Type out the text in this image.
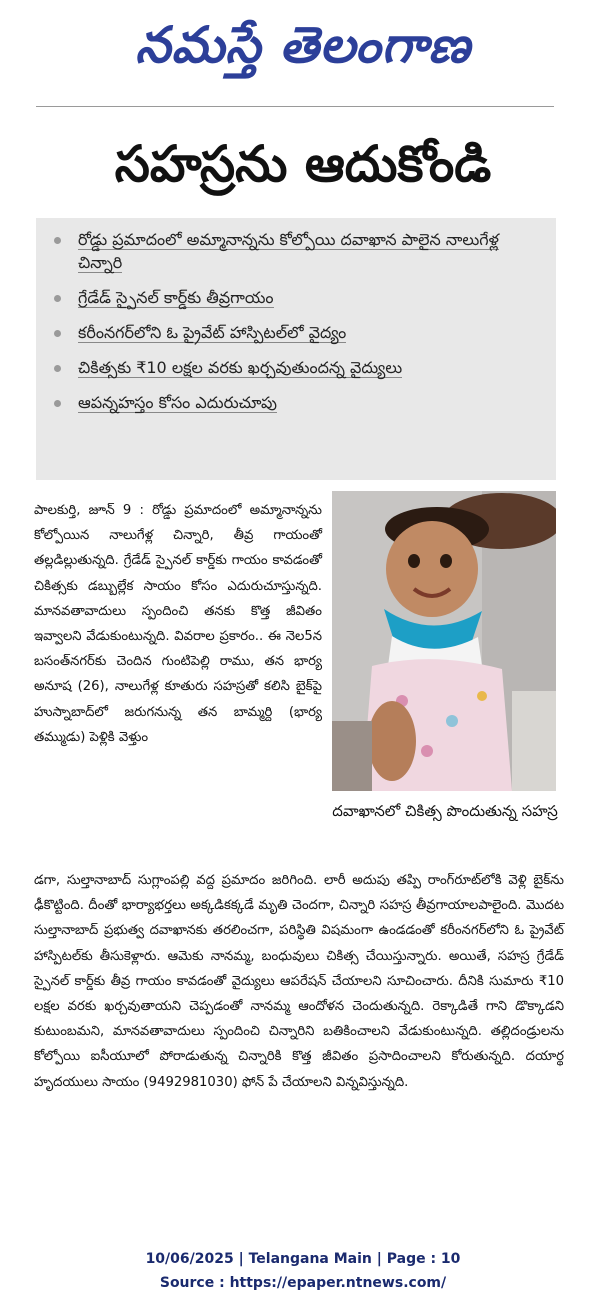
నమస్తే తెలంగాణ
సహస్రను ఆదుకోండి
రోడ్డు ప్రమాదంలో అమ్మానాన్నను కోల్పోయి దవాఖాన పాలైన నాలుగేళ్ల చిన్నారి
గ్రేడేడ్ స్పైనల్ కార్డ్‌కు తీవ్రగాయం
కరీంనగర్‌లోని ఓ ప్రైవేట్ హాస్పిటల్‌లో వైద్యం
చికిత్సకు ₹10 లక్షల వరకు ఖర్చవుతుందన్న వైద్యులు
ఆపన్నహస్తం కోసం ఎదురుచూపు
పాలకుర్తి, జూన్ 9 : రోడ్డు ప్రమాదంలో అమ్మానాన్నను కోల్పోయిన నాలుగేళ్ల చిన్నారి, తీవ్ర గాయంతో తల్లడిల్లుతున్నది. గ్రేడేడ్ స్పైనల్ కార్డ్‌కు గాయం కావడంతో చికిత్సకు డబ్బుల్లేక సాయం కోసం ఎదురుచూస్తున్నది. మానవతావాదులు స్పందించి తనకు కొత్త జీవితం ఇవ్వాలని వేడుకుంటున్నది. వివరాల ప్రకారం.. ఈ నెల5న బసంత్‌నగర్‌కు చెందిన గుంటిపెల్లి రాము, తన భార్య అనూష (26), నాలుగేళ్ల కూతురు సహస్రతో కలిసి బైక్‌పై హుస్నాబాద్‌లో జరుగనున్న తన బామ్మర్ది (భార్య తమ్ముడు) పెళ్లికి వెళ్తుం
దవాఖానలో చికిత్స పొందుతున్న సహస్ర
డగా, సుల్తానాబాద్ సుగ్లాంపల్లి వద్ద ప్రమాదం జరిగింది. లారీ అదుపు తప్పి రాంగ్‌రూట్‌లోకి వెళ్లి బైక్‌ను ఢీకొట్టింది. దీంతో భార్యాభర్తలు అక్కడికక్కడే మృతి చెందగా, చిన్నారి సహస్ర తీవ్రగాయాలపాలైంది. మొదట సుల్తానాబాద్ ప్రభుత్వ దవాఖానకు తరలించగా, పరిస్థితి విషమంగా ఉండడంతో కరీంనగర్‌లోని ఓ ప్రైవేట్ హాస్పిటల్‌కు తీసుకెళ్లారు. ఆమెకు నానమ్మ, బంధువులు చికిత్స చేయిస్తున్నారు. అయితే, సహస్ర గ్రేడేడ్ స్పైనల్ కార్డ్‌కు తీవ్ర గాయం కావడంతో వైద్యులు ఆపరేషన్ చేయాలని సూచించారు. దీనికి సుమారు ₹10 లక్షల వరకు ఖర్చవుతాయని చెప్పడంతో నానమ్మ ఆందోళన చెందుతున్నది. రెక్కాడితే గాని డొక్కాడని కుటుంబమని, మానవతావాదులు స్పందించి చిన్నారిని బతికించాలని వేడుకుంటున్నది. తల్లిదండ్రులను కోల్పోయి ఐసీయూలో పోరాడుతున్న చిన్నారికి కొత్త జీవితం ప్రసాదించాలని కోరుతున్నది. దయార్థ హృదయులు సాయం (9492981030) ఫోన్ పే చేయాలని విన్నవిస్తున్నది.
10/06/2025 | Telangana Main | Page : 10
Source : https://epaper.ntnews.com/
